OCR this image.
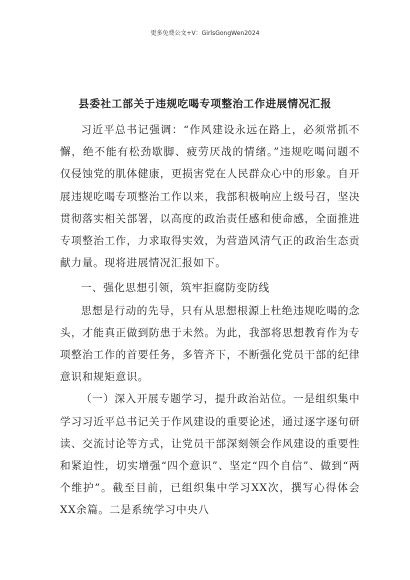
更多免费公文+V：GirlsGongWen2024
县委社工部关于违规吃喝专项整治工作进展情况汇报

习近平总书记强调：“作风建设永远在路上，必须常抓不懈，绝不能有松劲歇脚、疲劳厌战的情绪。”违规吃喝问题不仅侵蚀党的肌体健康，更损害党在人民群众心中的形象。自开展违规吃喝专项整治工作以来，我部积极响应上级号召，坚决贯彻落实相关部署，以高度的政治责任感和使命感，全面推进专项整治工作，力求取得实效，为营造风清气正的政治生态贡献力量。现将进展情况汇报如下。

一、强化思想引领，筑牢拒腐防变防线

思想是行动的先导，只有从思想根源上杜绝违规吃喝的念头，才能真正做到防患于未然。为此，我部将思想教育作为专项整治工作的首要任务，多管齐下，不断强化党员干部的纪律意识和规矩意识。

（一）深入开展专题学习，提升政治站位。一是组织集中学习习近平总书记关于作风建设的重要论述，通过逐字逐句研读、交流讨论等方式，让党员干部深刻领会作风建设的重要性和紧迫性，切实增强“四个意识”、坚定“四个自信”、做到“两个维护”。截至目前，已组织集中学习XX次，撰写心得体会XX余篇。二是系统学习中央八
